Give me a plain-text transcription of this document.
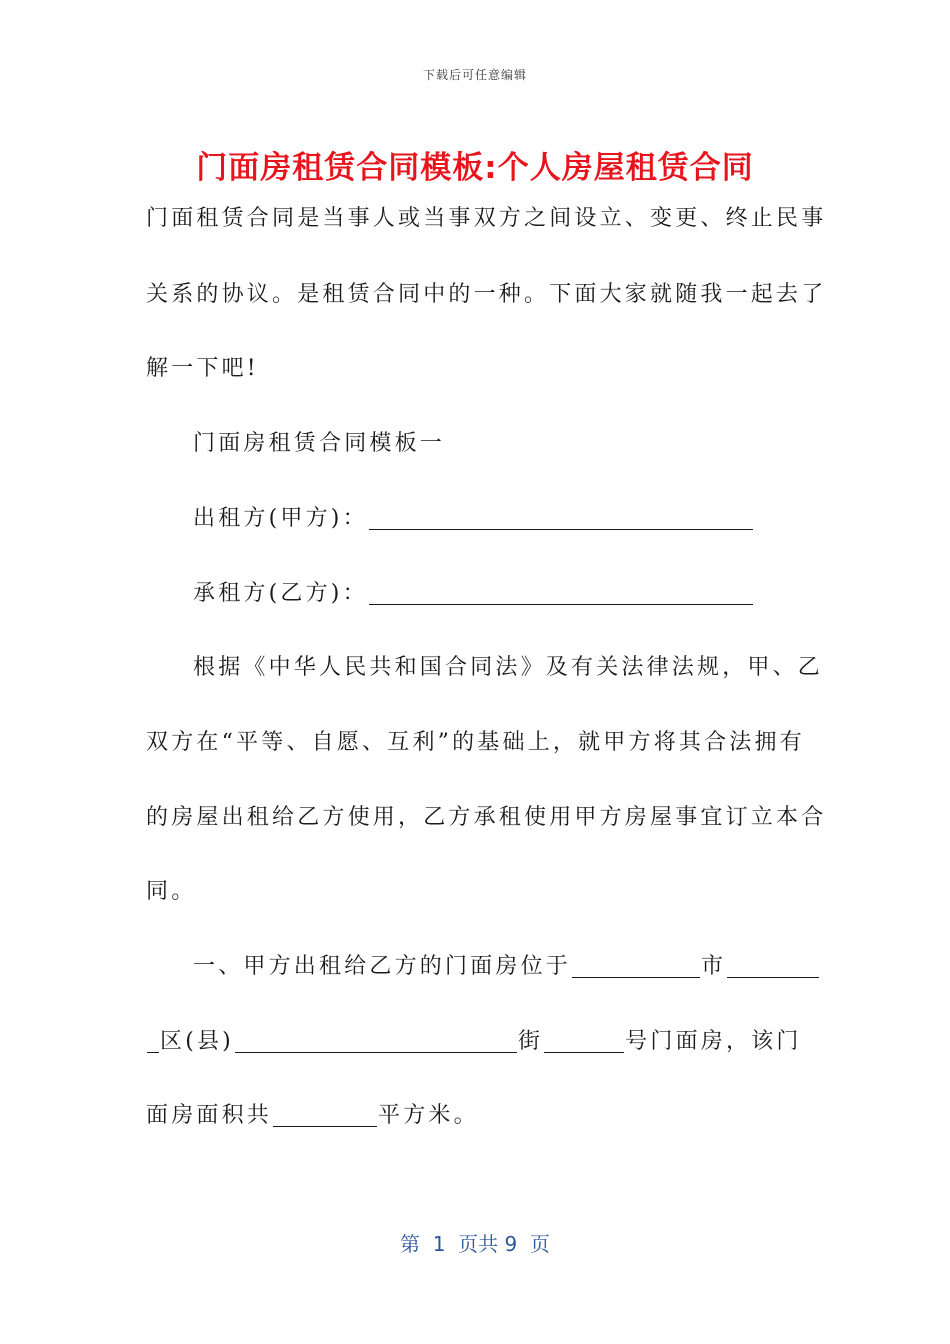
下载后可任意编辑
门面房租赁合同模板:个人房屋租赁合同
门面租赁合同是当事人或当事双方之间设立、变更、终止民事
关系的协议。是租赁合同中的一种。下面大家就随我一起去了
解一下吧!
门面房租赁合同模板一
出租方(甲方)：
承租方(乙方)：
根据《中华人民共和国合同法》及有关法律法规，甲、乙
双方在“平等、自愿、互利”的基础上，就甲方将其合法拥有
的房屋出租给乙方使用，乙方承租使用甲方房屋事宜订立本合
同。
一、甲方出租给乙方的门面房位于	市
区(县)	街	号门面房，该门
面房面积共	平方米。
第  1  页共 9  页
